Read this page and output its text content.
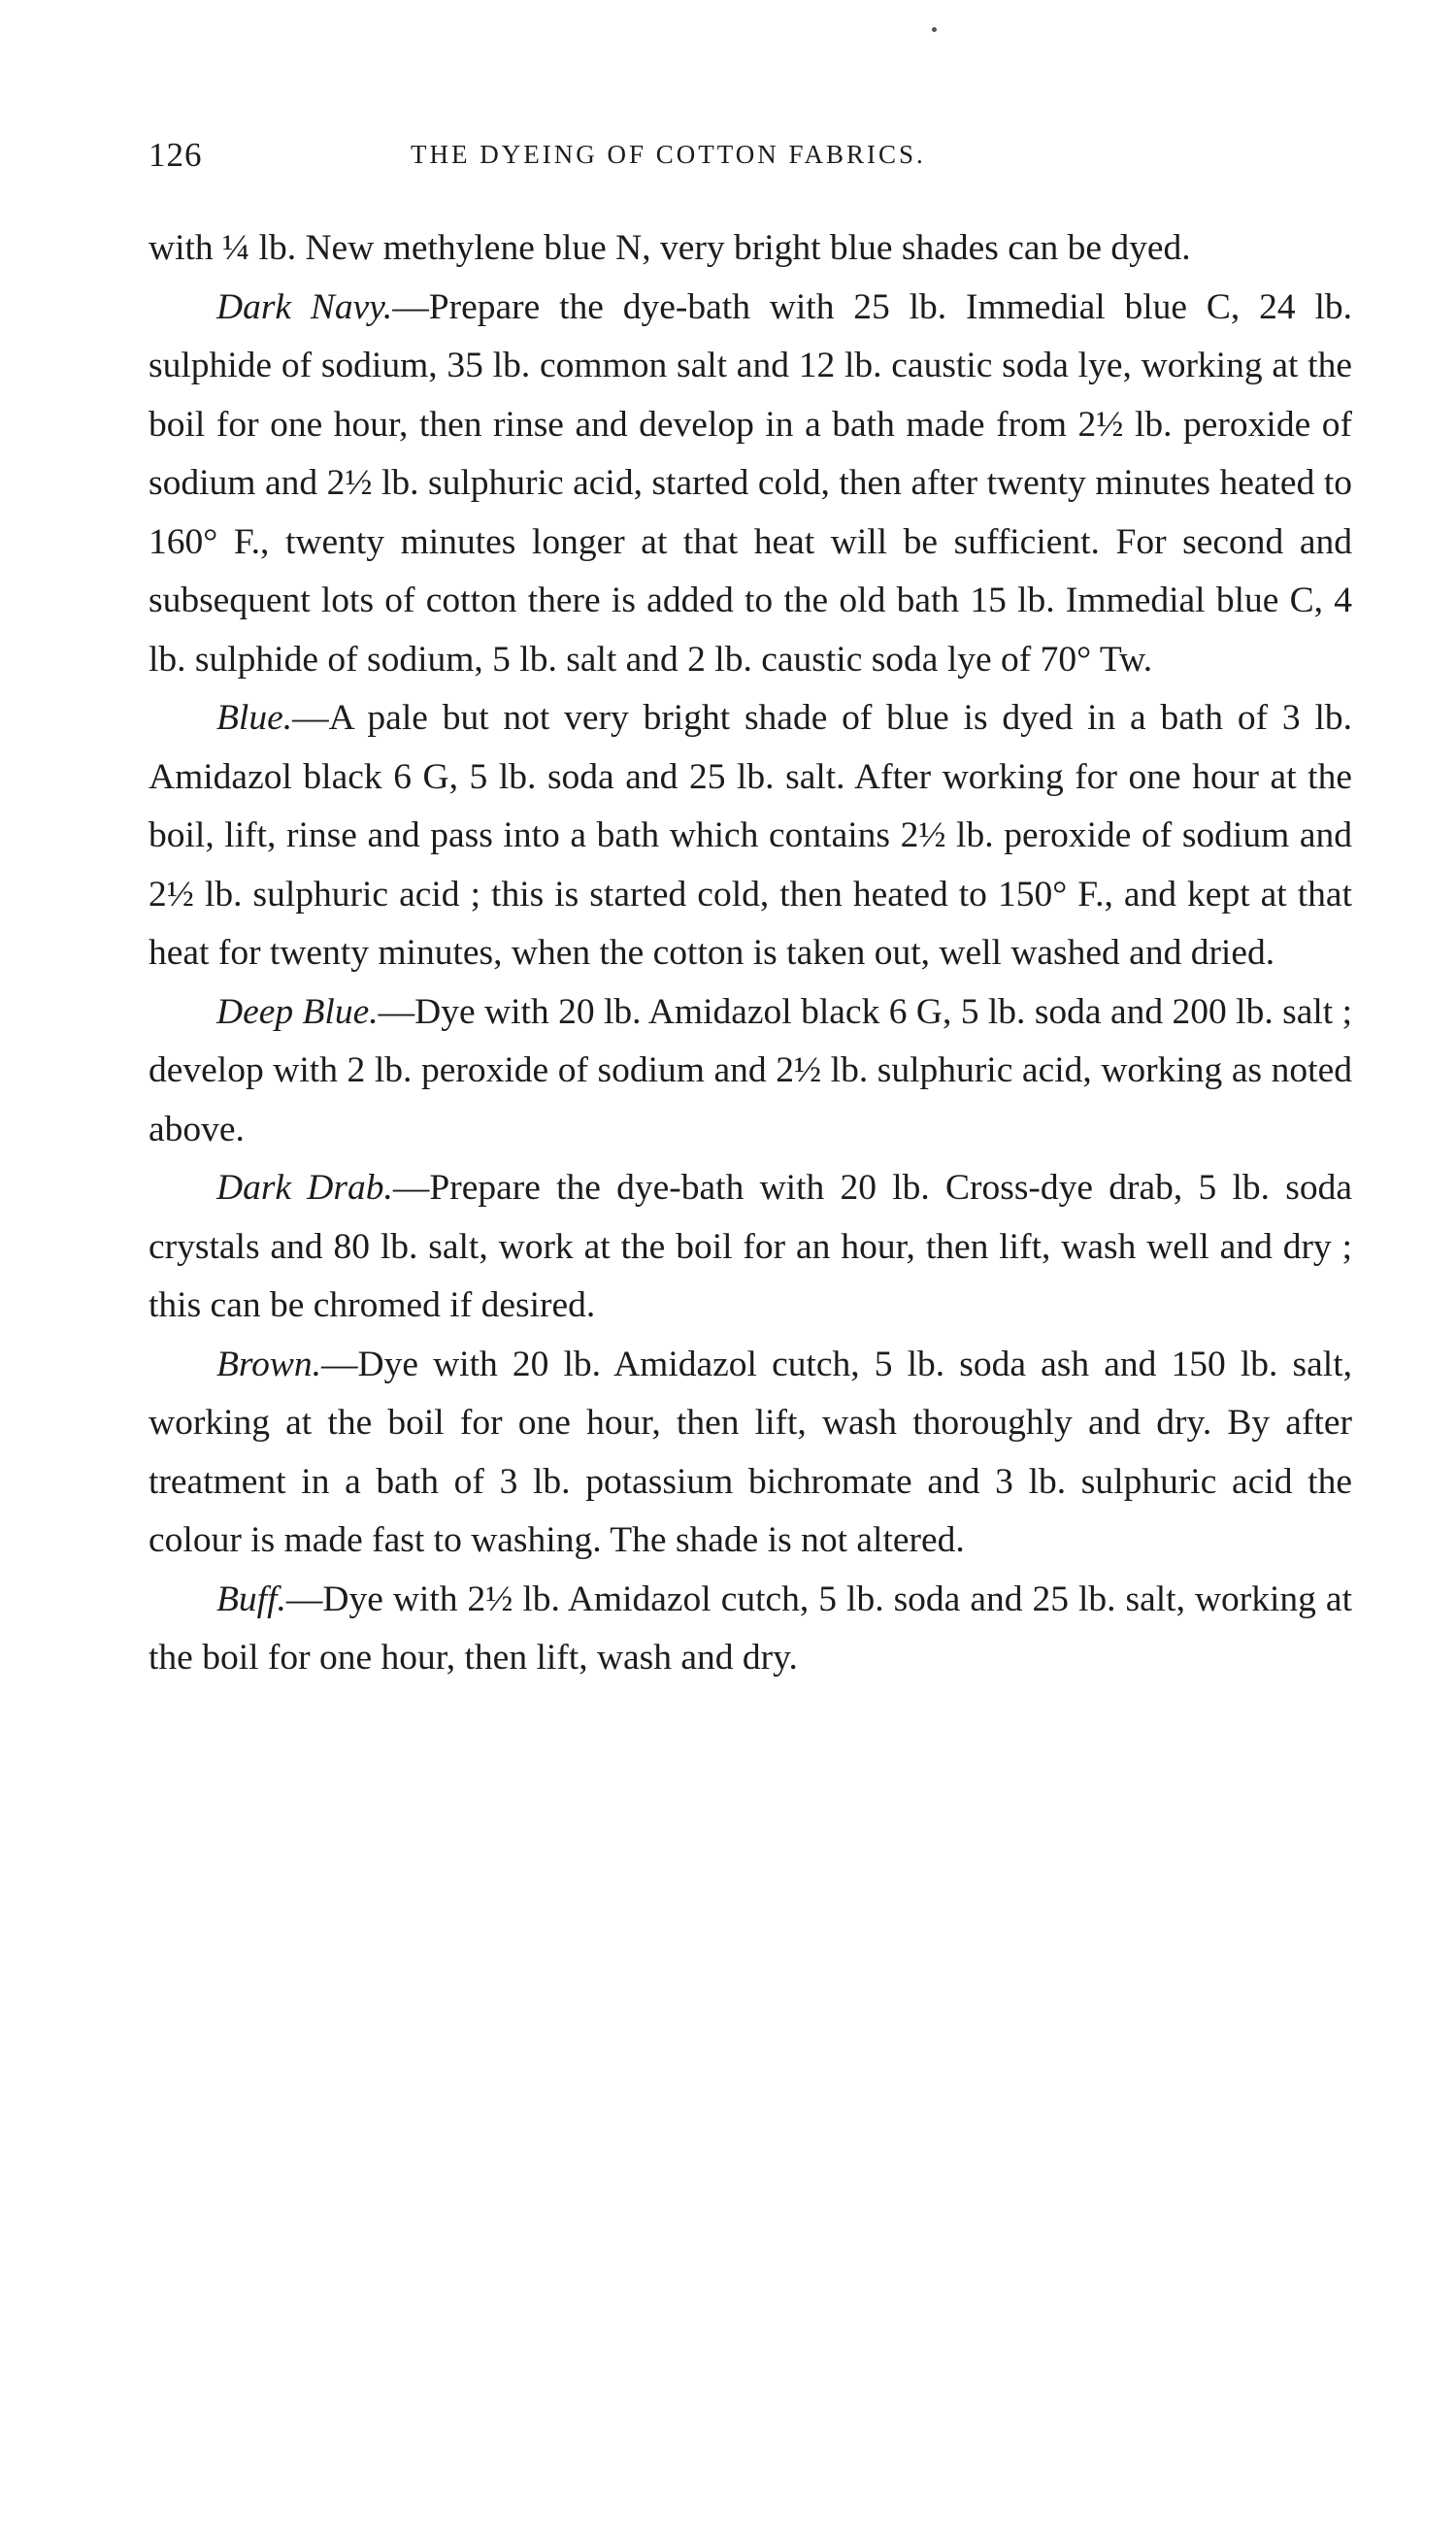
126	THE DYEING OF COTTON FABRICS.

with ¼ lb. New methylene blue N, very bright blue shades can be dyed.

Dark Navy.—Prepare the dye-bath with 25 lb. Immedial blue C, 24 lb. sulphide of sodium, 35 lb. common salt and 12 lb. caustic soda lye, working at the boil for one hour, then rinse and develop in a bath made from 2½ lb. peroxide of sodium and 2½ lb. sulphuric acid, started cold, then after twenty minutes heated to 160° F., twenty minutes longer at that heat will be sufficient. For second and subsequent lots of cotton there is added to the old bath 15 lb. Immedial blue C, 4 lb. sulphide of sodium, 5 lb. salt and 2 lb. caustic soda lye of 70° Tw.

Blue.—A pale but not very bright shade of blue is dyed in a bath of 3 lb. Amidazol black 6 G, 5 lb. soda and 25 lb. salt. After working for one hour at the boil, lift, rinse and pass into a bath which contains 2½ lb. peroxide of sodium and 2½ lb. sulphuric acid ; this is started cold, then heated to 150° F., and kept at that heat for twenty minutes, when the cotton is taken out, well washed and dried.

Deep Blue.—Dye with 20 lb. Amidazol black 6 G, 5 lb. soda and 200 lb. salt ; develop with 2 lb. peroxide of sodium and 2½ lb. sulphuric acid, working as noted above.

Dark Drab.—Prepare the dye-bath with 20 lb. Cross-dye drab, 5 lb. soda crystals and 80 lb. salt, work at the boil for an hour, then lift, wash well and dry ; this can be chromed if desired.

Brown.—Dye with 20 lb. Amidazol cutch, 5 lb. soda ash and 150 lb. salt, working at the boil for one hour, then lift, wash thoroughly and dry. By after treatment in a bath of 3 lb. potassium bichromate and 3 lb. sulphuric acid the colour is made fast to washing. The shade is not altered.

Buff.—Dye with 2½ lb. Amidazol cutch, 5 lb. soda and 25 lb. salt, working at the boil for one hour, then lift, wash and dry.
